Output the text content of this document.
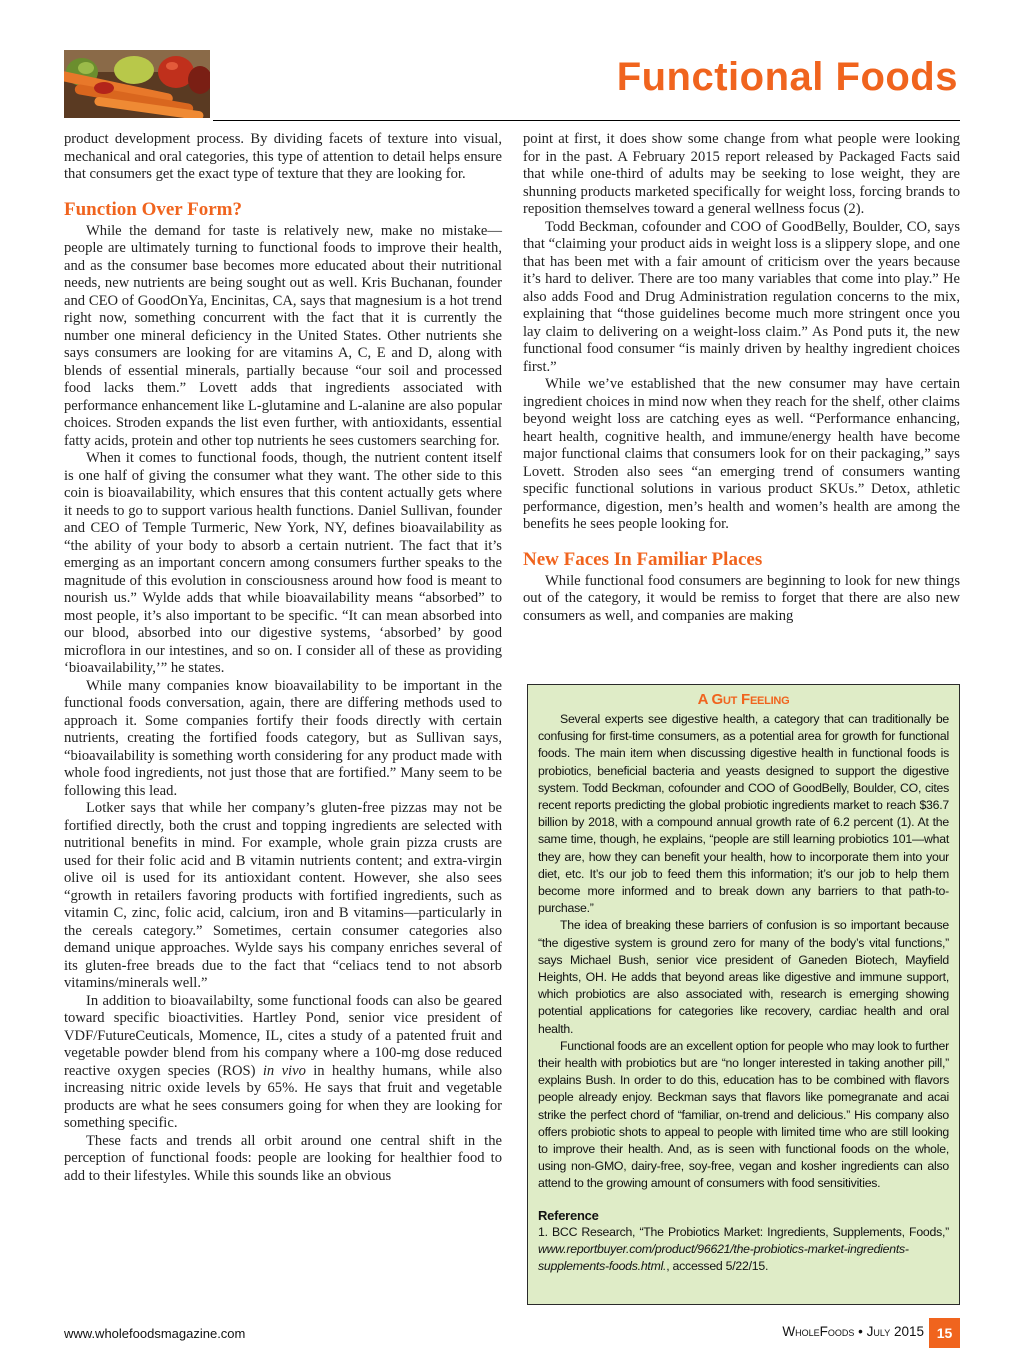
Functional Foods

product development process. By dividing facets of texture into visual, mechanical and oral categories, this type of attention to detail helps ensure that consumers get the exact type of texture that they are looking for.

Function Over Form?

While the demand for taste is relatively new, make no mistake—people are ultimately turning to functional foods to improve their health, and as the consumer base becomes more educated about their nutritional needs, new nutrients are being sought out as well. Kris Buchanan, founder and CEO of GoodOnYa, Encinitas, CA, says that magnesium is a hot trend right now, something concurrent with the fact that it is currently the number one mineral deficiency in the United States. Other nutrients she says consumers are looking for are vitamins A, C, E and D, along with blends of essential minerals, partially because “our soil and processed food lacks them.” Lovett adds that ingredients associated with performance enhancement like L-glutamine and L-alanine are also popular choices. Stroden expands the list even further, with antioxidants, essential fatty acids, protein and other top nutrients he sees customers searching for.

When it comes to functional foods, though, the nutrient content itself is one half of giving the consumer what they want. The other side to this coin is bioavailability, which ensures that this content actually gets where it needs to go to support various health functions. Daniel Sullivan, founder and CEO of Temple Turmeric, New York, NY, defines bioavailability as “the ability of your body to absorb a certain nutrient. The fact that it’s emerging as an important concern among consumers further speaks to the magnitude of this evolution in consciousness around how food is meant to nourish us.” Wylde adds that while bioavailability means “absorbed” to most people, it’s also important to be specific. “It can mean absorbed into our blood, absorbed into our digestive systems, ‘absorbed’ by good microflora in our intestines, and so on. I consider all of these as providing ‘bioavailability,’” he states.

While many companies know bioavailability to be important in the functional foods conversation, again, there are differing methods used to approach it. Some companies fortify their foods directly with certain nutrients, creating the fortified foods category, but as Sullivan says, “bioavailability is something worth considering for any product made with whole food ingredients, not just those that are fortified.” Many seem to be following this lead.

Lotker says that while her company’s gluten-free pizzas may not be fortified directly, both the crust and topping ingredients are selected with nutritional benefits in mind. For example, whole grain pizza crusts are used for their folic acid and B vitamin nutrients content; and extra-virgin olive oil is used for its antioxidant content. However, she also sees “growth in retailers favoring products with fortified ingredients, such as vitamin C, zinc, folic acid, calcium, iron and B vitamins—particularly in the cereals category.” Sometimes, certain consumer categories also demand unique approaches. Wylde says his company enriches several of its gluten-free breads due to the fact that “celiacs tend to not absorb vitamins/minerals well.”

In addition to bioavailabilty, some functional foods can also be geared toward specific bioactivities. Hartley Pond, senior vice president of VDF/FutureCeuticals, Momence, IL, cites a study of a patented fruit and vegetable powder blend from his company where a 100-mg dose reduced reactive oxygen species (ROS) in vivo in healthy humans, while also increasing nitric oxide levels by 65%. He says that fruit and vegetable products are what he sees consumers going for when they are looking for something specific.

These facts and trends all orbit around one central shift in the perception of functional foods: people are looking for healthier food to add to their lifestyles. While this sounds like an obvious

point at first, it does show some change from what people were looking for in the past. A February 2015 report released by Packaged Facts said that while one-third of adults may be seeking to lose weight, they are shunning products marketed specifically for weight loss, forcing brands to reposition themselves toward a general wellness focus (2).

Todd Beckman, cofounder and COO of GoodBelly, Boulder, CO, says that “claiming your product aids in weight loss is a slippery slope, and one that has been met with a fair amount of criticism over the years because it’s hard to deliver. There are too many variables that come into play.” He also adds Food and Drug Administration regulation concerns to the mix, explaining that “those guidelines become much more stringent once you lay claim to delivering on a weight-loss claim.” As Pond puts it, the new functional food consumer “is mainly driven by healthy ingredient choices first.”

While we’ve established that the new consumer may have certain ingredient choices in mind now when they reach for the shelf, other claims beyond weight loss are catching eyes as well. “Performance enhancing, heart health, cognitive health, and immune/energy health have become major functional claims that consumers look for on their packaging,” says Lovett. Stroden also sees “an emerging trend of consumers wanting specific functional solutions in various product SKUs.” Detox, athletic performance, digestion, men’s health and women’s health are among the benefits he sees people looking for.

New Faces In Familiar Places

While functional food consumers are beginning to look for new things out of the category, it would be remiss to forget that there are also new consumers as well, and companies are making

A Gut Feeling

Several experts see digestive health, a category that can traditionally be confusing for first-time consumers, as a potential area for growth for functional foods. The main item when discussing digestive health in functional foods is probiotics, beneficial bacteria and yeasts designed to support the digestive system. Todd Beckman, cofounder and COO of GoodBelly, Boulder, CO, cites recent reports predicting the global probiotic ingredients market to reach $36.7 billion by 2018, with a compound annual growth rate of 6.2 percent (1). At the same time, though, he explains, “people are still learning probiotics 101—what they are, how they can benefit your health, how to incorporate them into your diet, etc. It’s our job to feed them this information; it’s our job to help them become more informed and to break down any barriers to that path-to-purchase.”

The idea of breaking these barriers of confusion is so important because “the digestive system is ground zero for many of the body’s vital functions,” says Michael Bush, senior vice president of Ganeden Biotech, Mayfield Heights, OH. He adds that beyond areas like digestive and immune support, which probiotics are also associated with, research is emerging showing potential applications for categories like recovery, cardiac health and oral health.

Functional foods are an excellent option for people who may look to further their health with probiotics but are “no longer interested in taking another pill,” explains Bush. In order to do this, education has to be combined with flavors people already enjoy. Beckman says that flavors like pomegranate and acai strike the perfect chord of “familiar, on-trend and delicious.” His company also offers probiotic shots to appeal to people with limited time who are still looking to improve their health. And, as is seen with functional foods on the whole, using non-GMO, dairy-free, soy-free, vegan and kosher ingredients can also attend to the growing amount of consumers with food sensitivities.

Reference

1. BCC Research, “The Probiotics Market: Ingredients, Supplements, Foods,” www.reportbuyer.com/product/96621/the-probiotics-market-ingredients-supplements-foods.html., accessed 5/22/15.

www.wholefoodsmagazine.com	WholeFoods • July 2015 15
